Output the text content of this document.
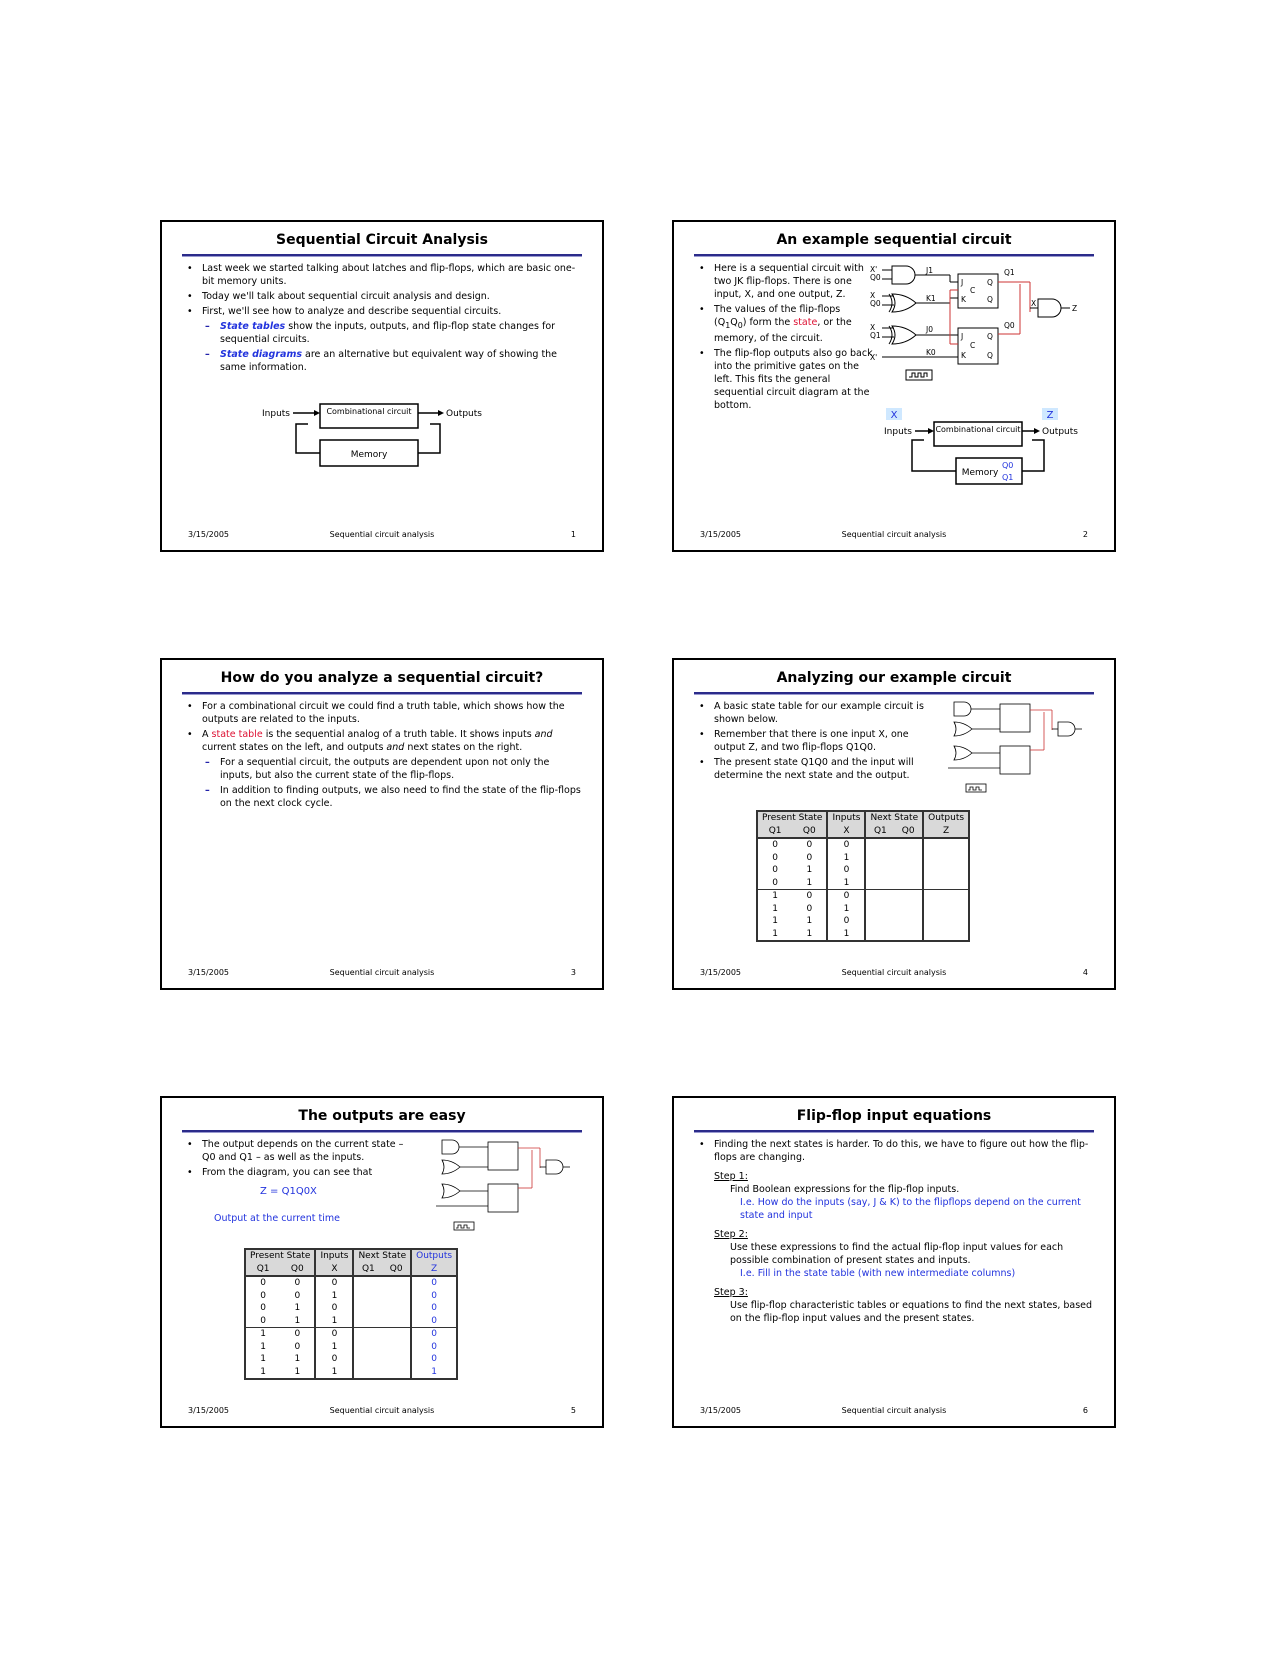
Sequential Circuit Analysis
• Last week we started talking about latches and flip-flops, which are basic one-bit memory units.
• Today we'll talk about sequential circuit analysis and design.
• First, we'll see how to analyze and describe sequential circuits.
– State tables show the inputs, outputs, and flip-flop state changes for sequential circuits.
– State diagrams are an alternative but equivalent way of showing the same information.
Inputs	Combinational circuit	Outputs
Memory
3/15/2005	Sequential circuit analysis	1
An example sequential circuit
• Here is a sequential circuit with two JK flip-flops. There is one input, X, and one output, Z.
• The values of the flip-flops $(Q_1Q_0)$ form the state, or the memory, of the circuit.
• The flip-flop outputs also go back into the primitive gates on the left. This fits the general sequential circuit diagram at the bottom.
X'
Q0
X
Q0
X
Q1
X'
J1
K1
J0
K0
J
C
K
Q
Q
J
C
K
Q
Q
Q1
Q0
X
Z
X	Z
Inputs	Combinational circuit Outputs
Memory
Q0
Q1
3/15/2005	Sequential circuit analysis	2
How do you analyze a sequential circuit?
• For a combinational circuit we could find a truth table, which shows how the outputs are related to the inputs.
• A state table is the sequential analog of a truth table. It shows inputs and current states on the left, and outputs and next states on the right.
– For a sequential circuit, the outputs are dependent upon not only the inputs, but also the current state of the flip-flops.
– In addition to finding outputs, we also need to find the state of the flip-flops on the next clock cycle.
3/15/2005	Sequential circuit analysis	3
Analyzing our example circuit
• A basic state table for our example circuit is shown below.
• Remember that there is one input X, one output Z, and two flip-flops Q1Q0.
• The present state Q1Q0 and the input will determine the next state and the output.
Present State		Inputs	Next State		Outputs
Q1	Q0	X	Q1	Q0	Z
0	0	0			
0	0	1			
0	1	0			
0	1	1			
1	0	0			
1	0	1			
1	1	0			
1	1	1			
3/15/2005	Sequential circuit analysis	4
The outputs are easy
• The output depends on the current state – Q0 and Q1 – as well as the inputs.
• From the diagram, you can see that
Z = Q1Q0X
Output at the current time
Present State		Inputs	Next State		Outputs
Q1	Q0	X	Q1	Q0	Z
0	0	0			0
0	0	1			0
0	1	0			0
0	1	1			0
1	0	0			0
1	0	1			0
1	1	0			0
1	1	1			1
3/15/2005	Sequential circuit analysis	5
Flip-flop input equations
• Finding the next states is harder. To do this, we have to figure out how the flip-flops are changing.
Step 1:
Find Boolean expressions for the flip-flop inputs.
I.e. How do the inputs (say, J & K) to the flipflops depend on the current state and input
Step 2:
Use these expressions to find the actual flip-flop input values for each possible combination of present states and inputs.
I.e. Fill in the state table (with new intermediate columns)
Step 3:
Use flip-flop characteristic tables or equations to find the next states, based on the flip-flop input values and the present states.
3/15/2005	Sequential circuit analysis	6
